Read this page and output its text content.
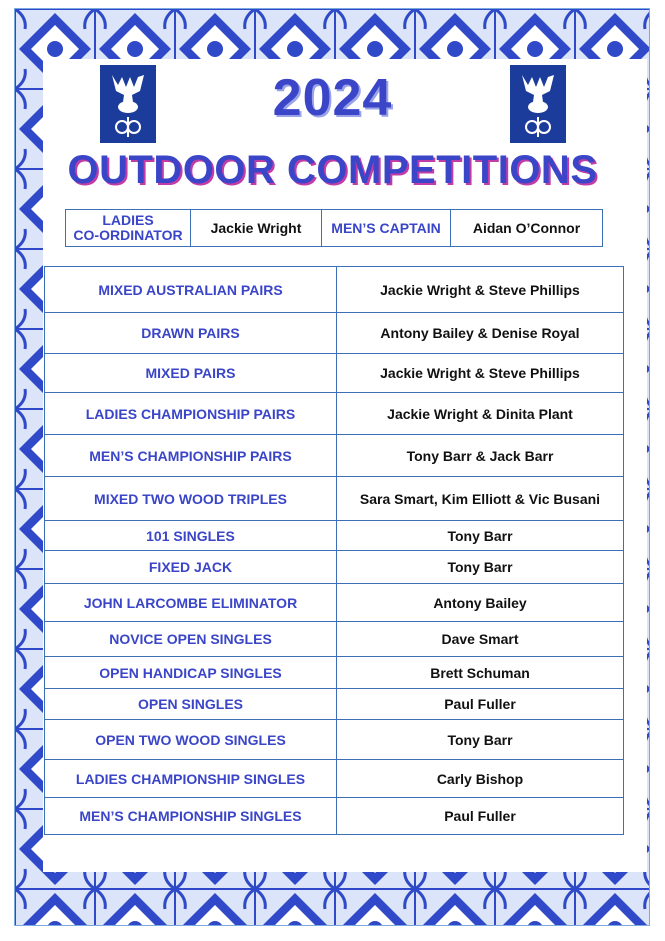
2024
OUTDOOR COMPETITIONS
LADIES
CO-ORDINATOR	Jackie Wright	MEN’S CAPTAIN	Aidan O’Connor
MIXED AUSTRALIAN PAIRS	Jackie Wright & Steve Phillips
DRAWN PAIRS	Antony Bailey & Denise Royal
MIXED PAIRS	Jackie Wright & Steve Phillips
LADIES CHAMPIONSHIP PAIRS	Jackie Wright & Dinita Plant
MEN’S CHAMPIONSHIP PAIRS	Tony Barr & Jack Barr
MIXED TWO WOOD TRIPLES	Sara Smart, Kim Elliott & Vic Busani
101 SINGLES	Tony Barr
FIXED JACK	Tony Barr
JOHN LARCOMBE ELIMINATOR	Antony Bailey
NOVICE OPEN SINGLES	Dave Smart
OPEN HANDICAP SINGLES	Brett Schuman
OPEN SINGLES	Paul Fuller
OPEN TWO WOOD SINGLES	Tony Barr
LADIES CHAMPIONSHIP SINGLES	Carly Bishop
MEN’S CHAMPIONSHIP SINGLES	Paul Fuller
